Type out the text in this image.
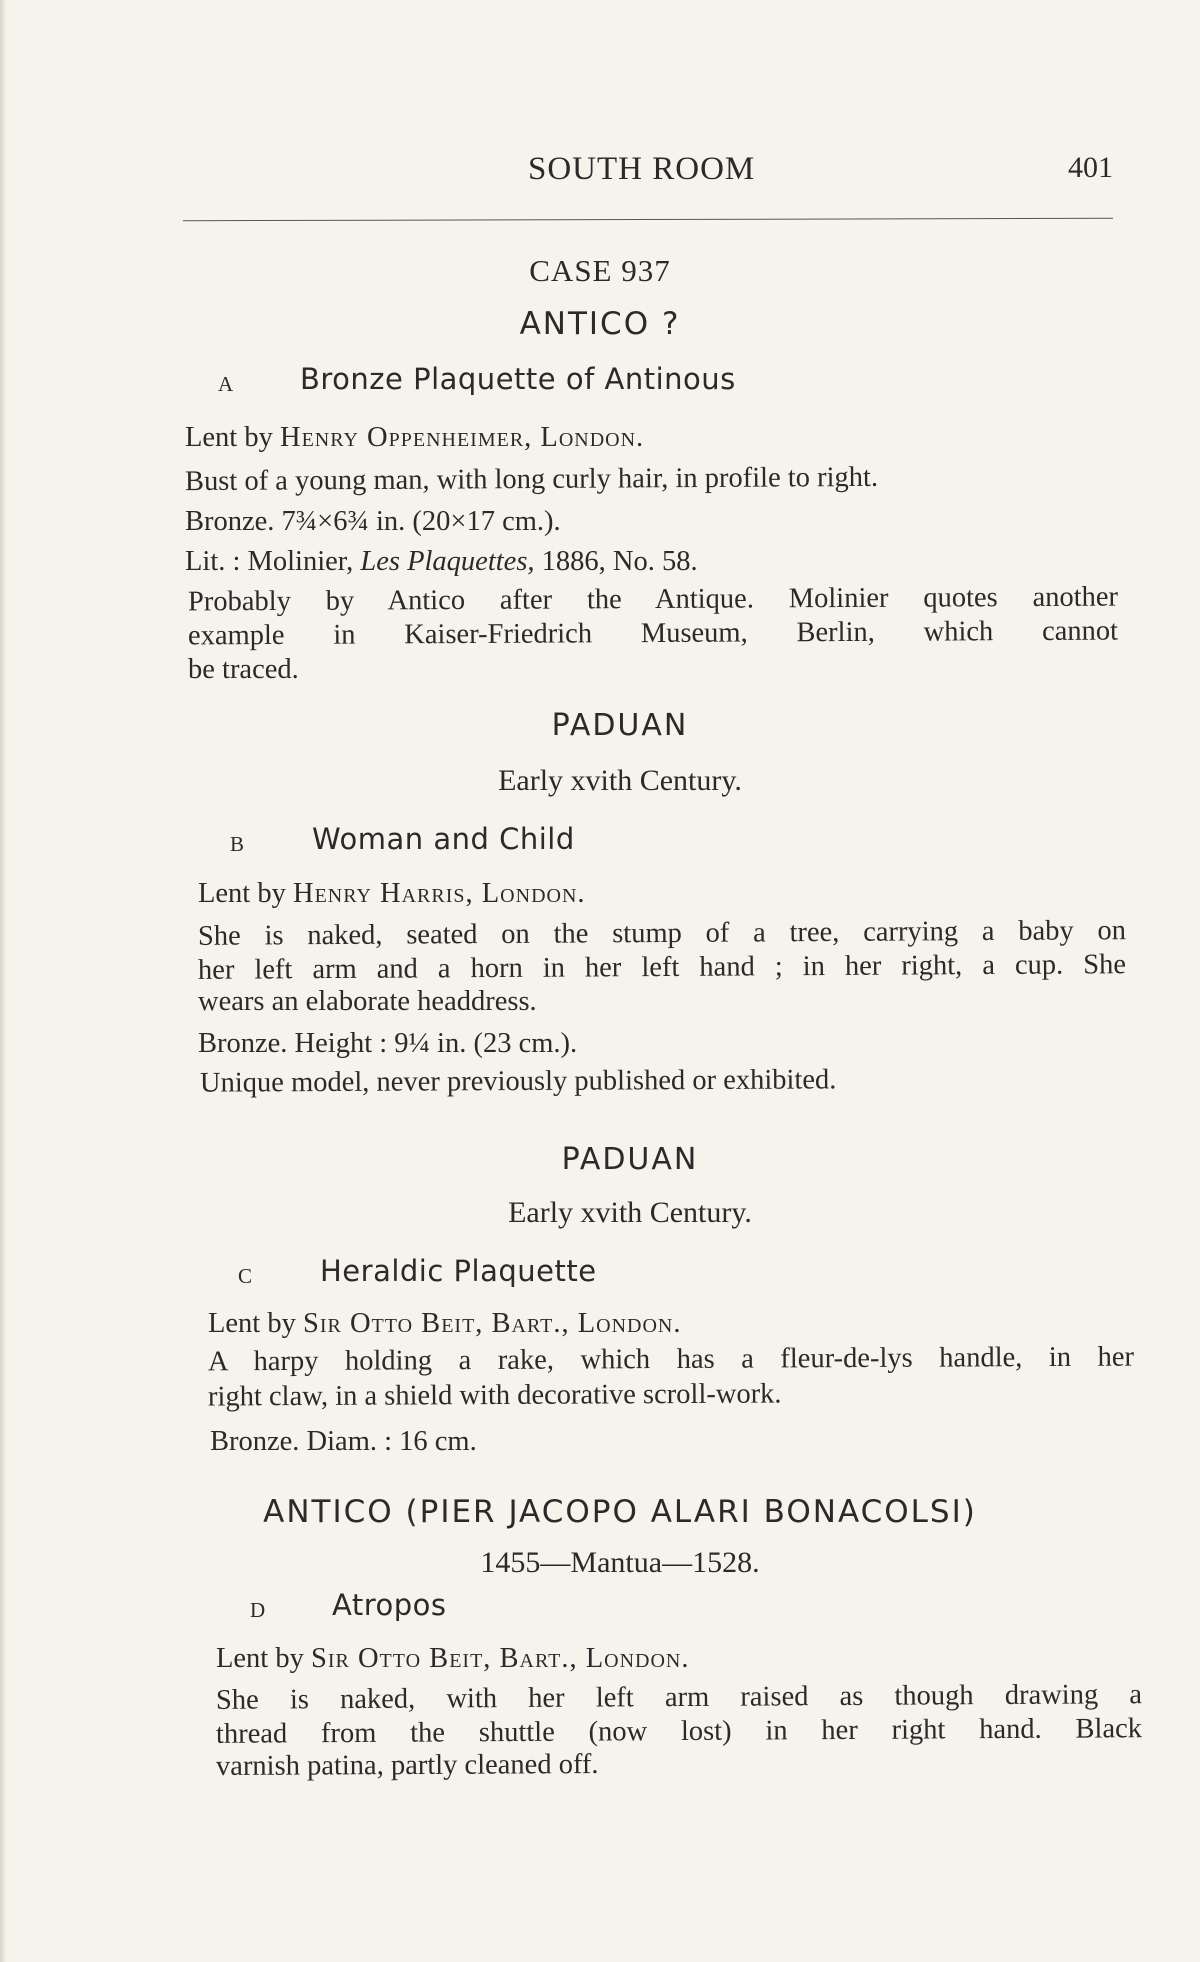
SOUTH ROOM	401
CASE 937
ANTICO ?
A Bronze Plaquette of Antinous
Lent by Henry Oppenheimer, London.
Bust of a young man, with long curly hair, in profile to right.
Bronze. 7¾×6¾ in. (20×17 cm.).
Lit. : Molinier, Les Plaquettes, 1886, No. 58.
Probably by Antico after the Antique. Molinier quotes another
example in Kaiser-Friedrich Museum, Berlin, which cannot
be traced.
PADUAN
Early xvith Century.
B Woman and Child
Lent by Henry Harris, London.
She is naked, seated on the stump of a tree, carrying a baby on
her left arm and a horn in her left hand ; in her right, a cup. She
wears an elaborate headdress.
Bronze. Height : 9¼ in. (23 cm.).
Unique model, never previously published or exhibited.
PADUAN
Early xvith Century.
C Heraldic Plaquette
Lent by Sir Otto Beit, Bart., London.
A harpy holding a rake, which has a fleur-de-lys handle, in her
right claw, in a shield with decorative scroll-work.
Bronze. Diam. : 16 cm.
ANTICO (PIER JACOPO ALARI BONACOLSI)
1455—Mantua—1528.
D Atropos
Lent by Sir Otto Beit, Bart., London.
She is naked, with her left arm raised as though drawing a
thread from the shuttle (now lost) in her right hand. Black
varnish patina, partly cleaned off.
